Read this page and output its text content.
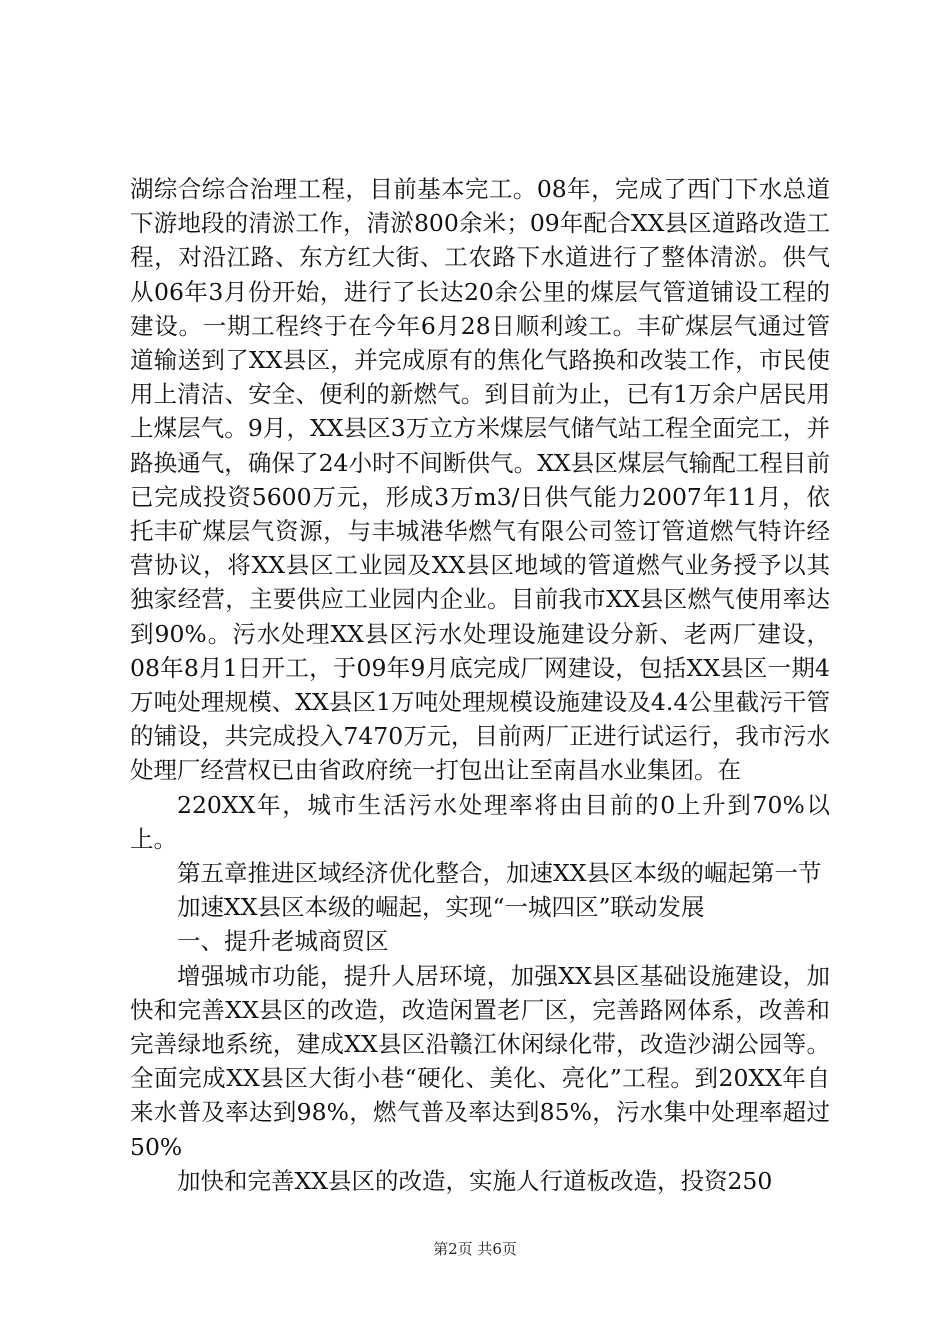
湖综合综合治理工程，目前基本完工。08年，完成了西门下水总道下游地段的清淤工作，清淤800余米；09年配合XX县区道路改造工程，对沿江路、东方红大街、工农路下水道进行了整体清淤。供气从06年3月份开始，进行了长达20余公里的煤层气管道铺设工程的建设。一期工程终于在今年6月28日顺利竣工。丰矿煤层气通过管道输送到了XX县区，并完成原有的焦化气路换和改装工作，市民使用上清洁、安全、便利的新燃气。到目前为止，已有1万余户居民用上煤层气。9月，XX县区3万立方米煤层气储气站工程全面完工，并路换通气，确保了24小时不间断供气。XX县区煤层气输配工程目前已完成投资5600万元，形成3万m3/日供气能力2007年11月，依托丰矿煤层气资源，与丰城港华燃气有限公司签订管道燃气特许经营协议，将XX县区工业园及XX县区地域的管道燃气业务授予以其独家经营，主要供应工业园内企业。目前我市XX县区燃气使用率达到90%。污水处理XX县区污水处理设施建设分新、老两厂建设，08年8月1日开工，于09年9月底完成厂网建设，包括XX县区一期4万吨处理规模、XX县区1万吨处理规模设施建设及4.4公里截污干管的铺设，共完成投入7470万元，目前两厂正进行试运行，我市污水处理厂经营权已由省政府统一打包出让至南昌水业集团。在

220XX年，城市生活污水处理率将由目前的0上升到70%以上。

第五章推进区域经济优化整合，加速XX县区本级的崛起第一节

加速XX县区本级的崛起，实现“一城四区”联动发展

一、提升老城商贸区

增强城市功能，提升人居环境，加强XX县区基础设施建设，加快和完善XX县区的改造，改造闲置老厂区，完善路网体系，改善和完善绿地系统，建成XX县区沿赣江休闲绿化带，改造沙湖公园等。全面完成XX县区大街小巷“硬化、美化、亮化”工程。到20XX年自来水普及率达到98%，燃气普及率达到85%，污水集中处理率超过50%

加快和完善XX县区的改造，实施人行道板改造，投资250

第2页 共6页
